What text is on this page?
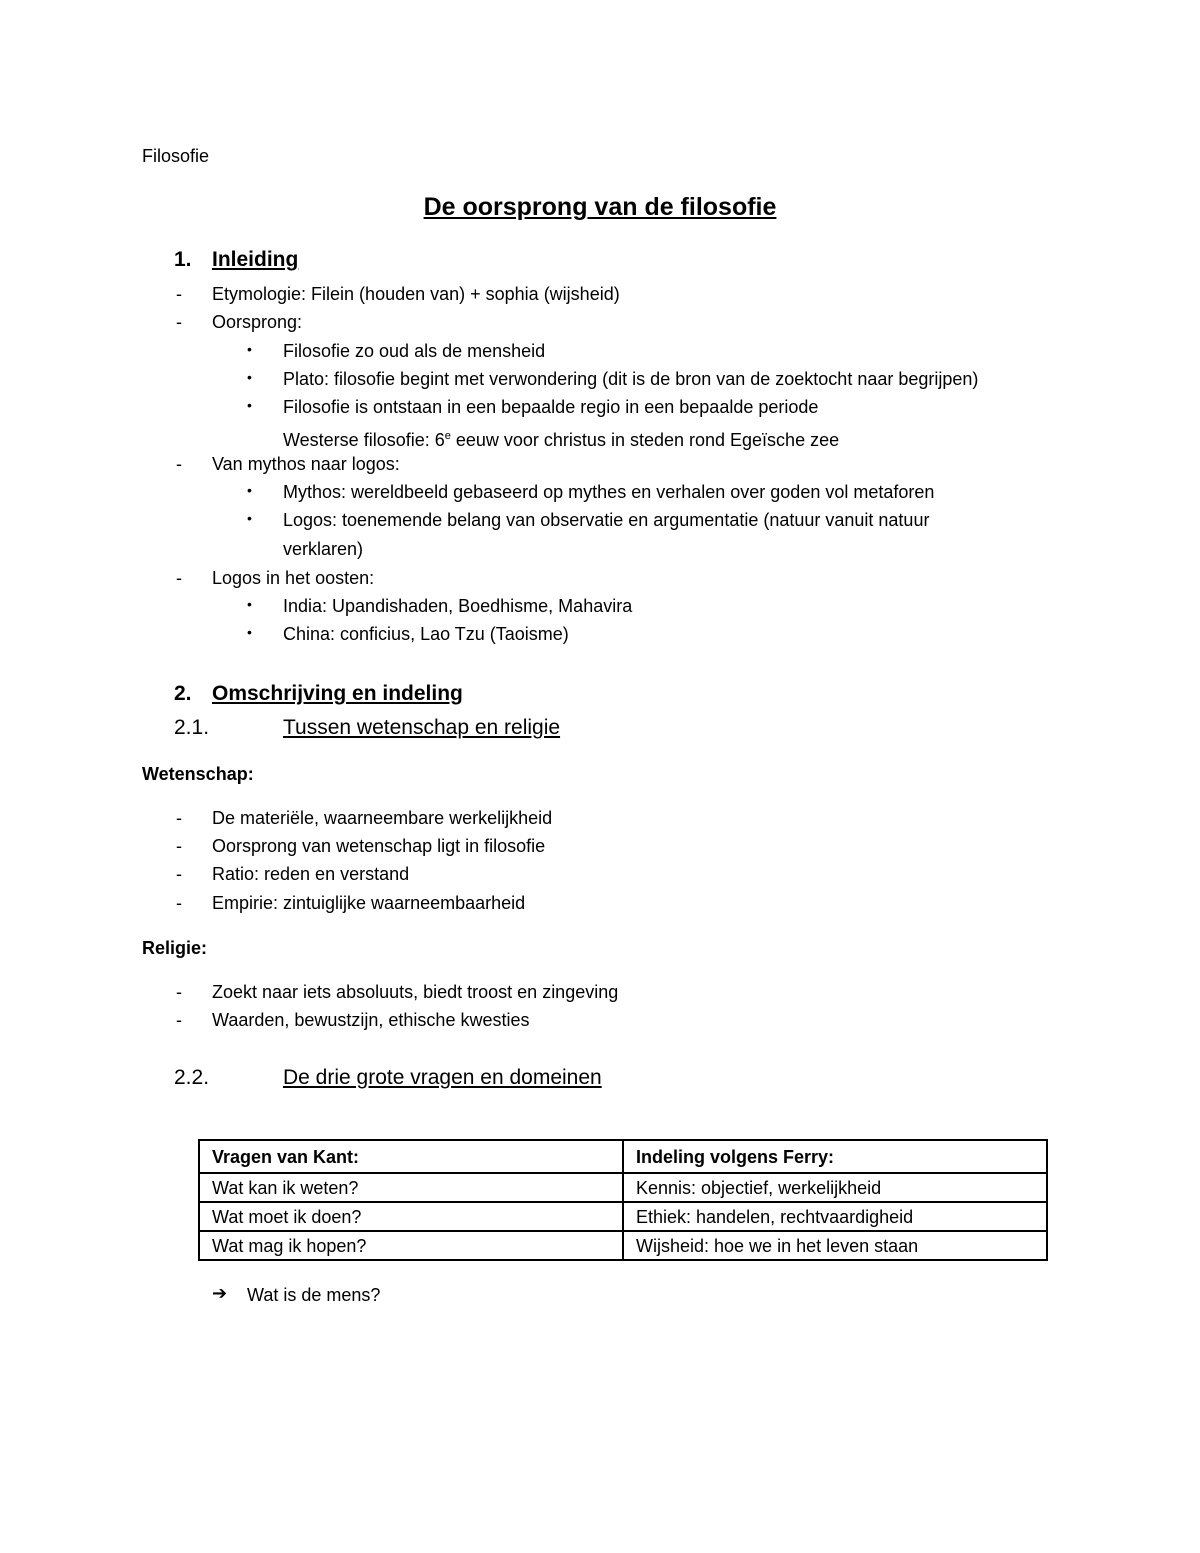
Filosofie
De oorsprong van de filosofie
1. Inleiding
-	Etymologie: Filein (houden van) + sophia (wijsheid)
-	Oorsprong:
• Filosofie zo oud als de mensheid
• Plato: filosofie begint met verwondering (dit is de bron van de zoektocht naar begrijpen)
• Filosofie is ontstaan in een bepaalde regio in een bepaalde periode
Westerse filosofie: 6e eeuw voor christus in steden rond Egeïsche zee
-	Van mythos naar logos:
• Mythos: wereldbeeld gebaseerd op mythes en verhalen over goden vol metaforen
• Logos: toenemende belang van observatie en argumentatie (natuur vanuit natuur
verklaren)
-	Logos in het oosten:
• India: Upandishaden, Boedhisme, Mahavira
• China: conficius, Lao Tzu (Taoisme)
2. Omschrijving en indeling
2.1.	Tussen wetenschap en religie
Wetenschap:
-	De materiële, waarneembare werkelijkheid
-	Oorsprong van wetenschap ligt in filosofie
-	Ratio: reden en verstand
-	Empirie: zintuiglijke waarneembaarheid
Religie:
-	Zoekt naar iets absoluuts, biedt troost en zingeving
-	Waarden, bewustzijn, ethische kwesties
2.2.	De drie grote vragen en domeinen
Vragen van Kant:	Indeling volgens Ferry:
Wat kan ik weten?	Kennis: objectief, werkelijkheid
Wat moet ik doen?	Ethiek: handelen, rechtvaardigheid
Wat mag ik hopen?	Wijsheid: hoe we in het leven staan
➔ Wat is de mens?
